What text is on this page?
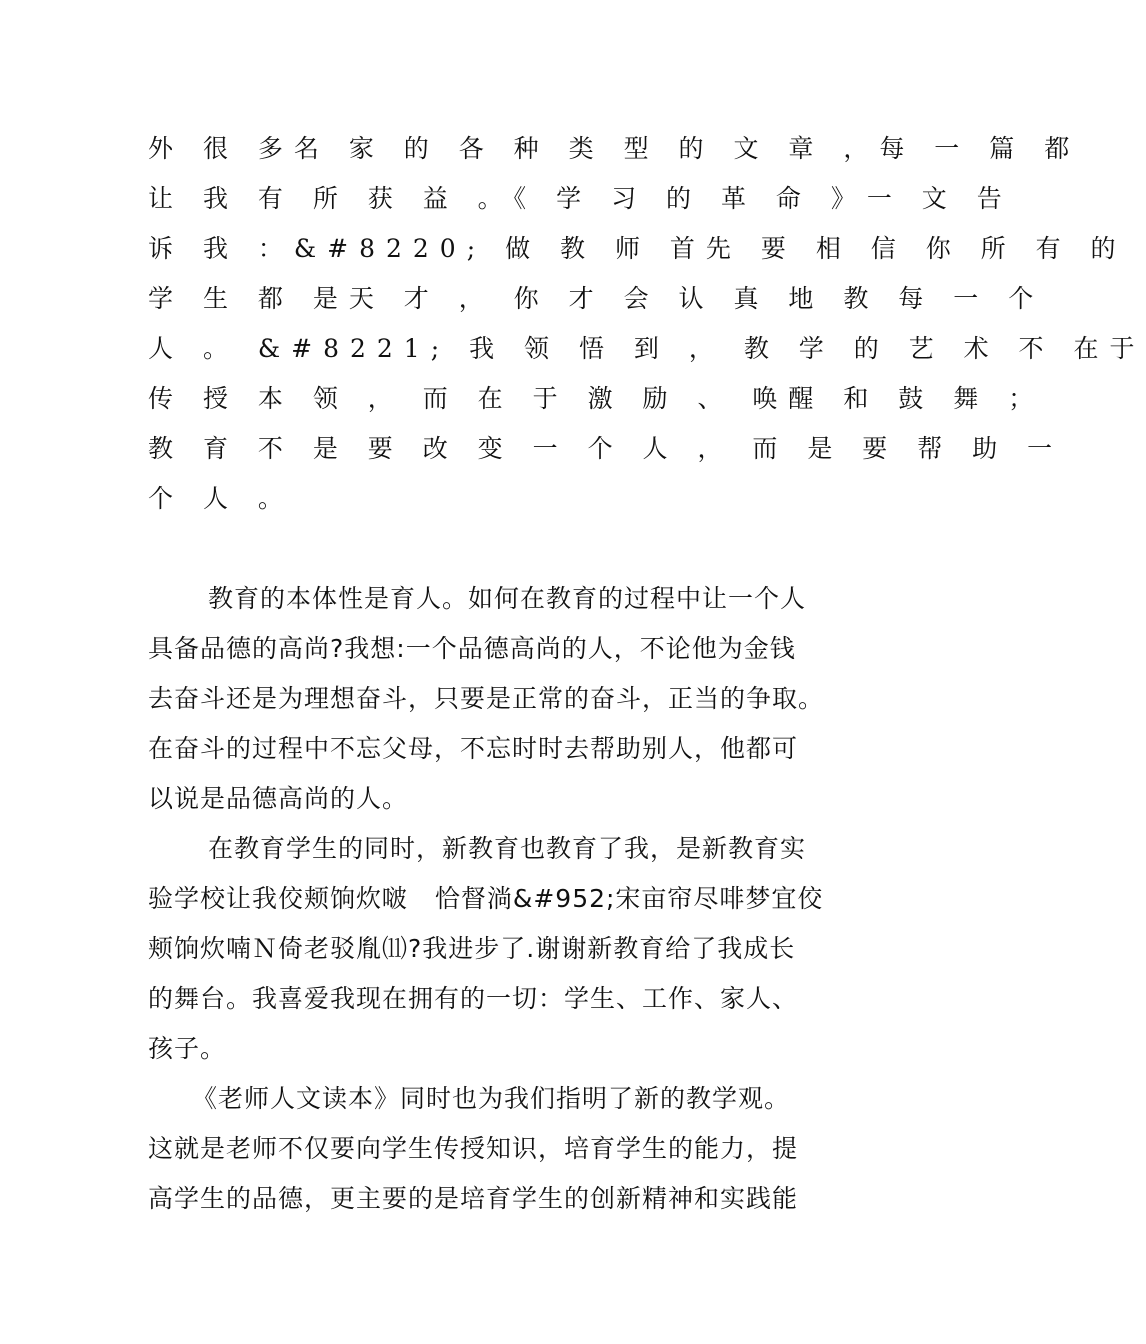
外 很 多名 家 的 各 种 类 型 的 文 章 ，每 一 篇 都
让 我 有 所 获 益 。《 学 习 的 革 命 》一 文 告
诉 我 ：&#8220; 做 教 师 首先 要 相 信 你 所 有 的
学 生 都 是天 才 ， 你 才 会 认 真 地 教 每 一 个
人 。 &#8221; 我 领 悟 到 ， 教 学 的 艺 术 不 在于
传 授 本 领 ， 而 在 于 激 励 、 唤醒 和 鼓 舞 ；
教 育 不 是 要 改 变 一 个 人 ， 而 是 要 帮 助 一
个 人 。
教育的本体性是育人。如何在教育的过程中让一个人
具备品德的高尚?我想:一个品德高尚的人，不论他为金钱
去奋斗还是为理想奋斗，只要是正常的奋斗，正当的争取。
在奋斗的过程中不忘父母，不忘时时去帮助别人，他都可
以说是品德高尚的人。
在教育学生的同时，新教育也教育了我，是新教育实
验学校让我佼颊饷炊啵   恰督淌&#952;宋亩帘尽啡梦宜佼
颊饷炊喃Ｎ倚老驳胤⑾?我进步了.谢谢新教育给了我成长
的舞台。我喜爱我现在拥有的一切：学生、工作、家人、
孩子。
《老师人文读本》同时也为我们指明了新的教学观。
这就是老师不仅要向学生传授知识，培育学生的能力，提
高学生的品德，更主要的是培育学生的创新精神和实践能
